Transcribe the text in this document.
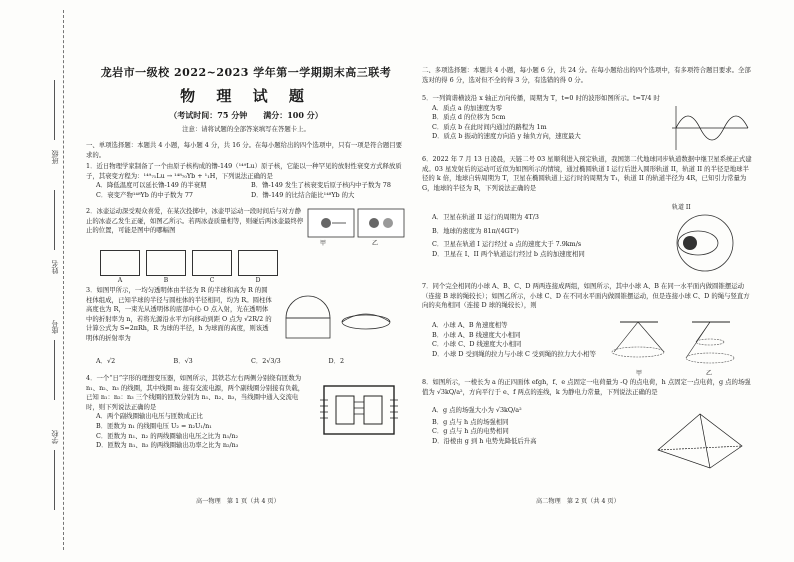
班级
姓名
座号
学校
龙岩市一级校 2022~2023 学年第一学期期末高三联考
物 理 试 题
（考试时间：75 分钟　　满分：100 分）
注意：请将试题的全部答案填写在答题卡上。
一、单项选择题：本题共 4 小题，每小题 4 分，共 16 分。在每小题给出的四个选项中，只有一项是符合题目要求的。

1．近日物理学家制备了一个由原子核构成的镥-149（¹⁴⁹Lu）原子核，它能以一种罕见的放射性衰变方式释放质子，其衰变方程为：¹⁴⁹₇₁Lu → ¹⁴⁸₇₀Yb + ¹₁H，下列说法正确的是

A．降低温度可以延长镥-149 的半衰期	B．镥-149 发生了核衰变后原子核内中子数为 78
C．衰变产物¹⁴⁸Yb 的中子数为 77	D．镥-149 的比结合能比¹⁴⁸Yb 的大

2．冰壶运动深受观众喜爱，在某次投掷中，冰壶甲运动一段时间后与对方静止的冰壶乙发生正碰，如图乙所示。若两冰壶质量相等，则碰后两冰壶最终停止的位置，可能是图中的哪幅图

甲	乙
A	B	C	D

3．如图甲所示，一均匀透明体由半径为 R 的半球和高为 R 的圆柱体组成，已知半球的半径与圆柱体的半径相同，均为 R。圆柱体高度也为 R，一束光从透明体的底部中心 O 点入射，光在透明体中的折射率为 n，若将光源沿水平方向移动到距 O 点为 √2R/2 的计算公式为 S=2πRh，R 为球的半径，h 为球面的高度，则该透明体的折射率为

A．√2	B．√3	C．2√3/3	D．2

4．一个“日”字形的理想变压器，如图所示，其铁芯左右两侧分别绕有匝数为 n₁、n₂、n₃ 的线圈，其中线圈 n₁ 接有交流电源，两个副线圈分别接有负载，已知 n₁：n₂：n₃ 三个线圈的匝数分别为 n₁、n₂、n₃，当线圈中通入交流电时，则下列说法正确的是

A．两个副线圈输出电压与匝数成正比
B．匝数为 n₁ 的线圈电压 U₂ = n₂U₁/n₁
C．匝数为 n₁、n₂ 的两线圈输出电压之比为 n₁/n₂
D．匝数为 n₁、n₃ 的两线圈输出功率之比为 n₂/n₃
高一物理　第 1 页（共 4 页）
二、多项选择题：本题共 4 小题，每小题 6 分，共 24 分。在每小题给出的四个选项中，有多项符合题目要求。全部选对的得 6 分，选对但不全的得 3 分，有选错的得 0 分。

5．一列简谐横波沿 x 轴正方向传播，周期为 T，t=0 时的波形如图所示。t=T/4 时

A．质点 a 的加速度为零
B．质点 d 的位移为 5cm
C．质点 b 在此时间内通过的路程为 1m
D．质点 b 振动的速度方向沿 y 轴负方向，速度最大

6．2022 年 7 月 13 日凌晨，天链二号 03 星顺利进入预定轨道，我国第二代地球同步轨道数据中继卫星系统正式建成。03 星发射后的运动可近似为如图所示的情境，通过椭圆轨道 I 运行后进入圆形轨道 II，轨道 II 的半径是地球半径的 k 倍，地球自转周期为 T，卫星在椭圆轨道上运行时的周期为 T₁，轨道 II 的轨道半径为 4R，已知引力常量为 G，地球的半径为 R，下列说法正确的是

A．卫星在轨道 II 运行的周期为 4T/3
B．地球的密度为 81π/(4GT²)
C．卫星在轨道 I 运行经过 a 点的速度大于 7.9km/s
D．卫星在 I、II 两个轨道运行经过 b 点的加速度相同
轨道 II

7．同个完全相同的小球 A、B、C、D 两两连接成两组，如图所示，其中小球 A、B 在同一水平面内做圆锥摆运动（连接 B 球的绳较长）；如图乙所示，小球 C、D 在不同水平面内做圆锥摆运动，但是连接小球 C、D 的绳与竖直方向的夹角相同（连接 D 球的绳较长），则

A．小球 A、B 角速度相等
B．小球 A、B 线速度大小相同
C．小球 C、D 线速度大小相同
D．小球 D 受到绳的拉力与小球 C 受到绳的拉力大小相等
甲	乙

8．如图所示，一棱长为 a 的正四面体 efgh，f、e 点固定一电荷量为 -Q 的点电荷，h 点固定一点电荷，g 点的场强值为 √3kQ/a²，方向平行于 e、f 两点的连线，k 为静电力常量，下列说法正确的是

A．g 点的场强大小为 √3kQ/a²
B．g 点与 h 点的场强相同
C．g 点与 h 点的电势相同
D．沿棱由 g 到 h 电势先降低后升高
高二物理　第 2 页（共 4 页）
